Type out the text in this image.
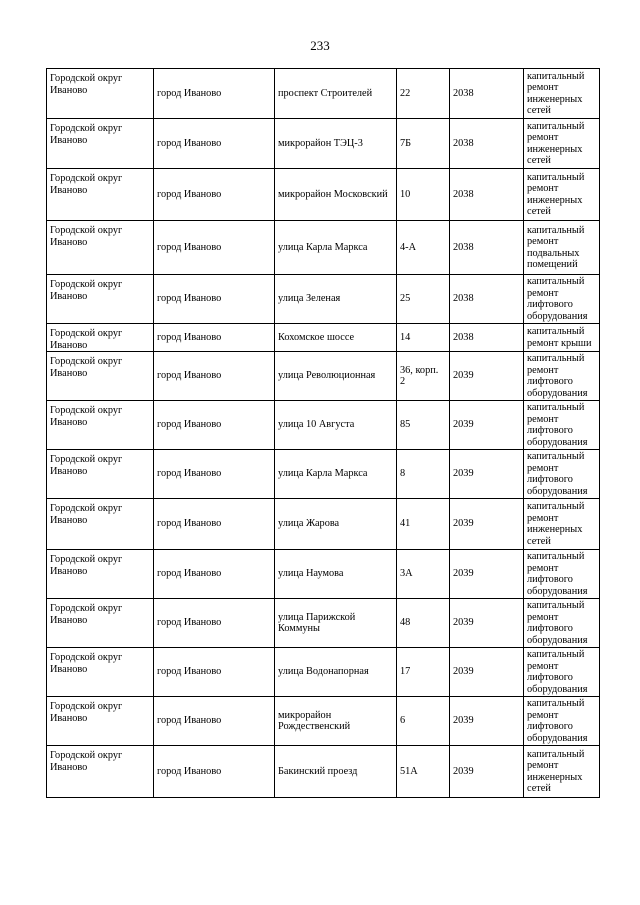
233
Городской округ Иваново	город Иваново	проспект Строителей	22	2038	капитальный ремонт инженерных сетей
Городской округ Иваново	город Иваново	микрорайон ТЭЦ-3	7Б	2038	капитальный ремонт инженерных сетей
Городской округ Иваново	город Иваново	микрорайон Московский	10	2038	капитальный ремонт инженерных сетей
Городской округ Иваново	город Иваново	улица Карла Маркса	4-А	2038	капитальный ремонт подвальных помещений
Городской округ Иваново	город Иваново	улица Зеленая	25	2038	капитальный ремонт лифтового оборудования
Городской округ Иваново	город Иваново	Кохомское шоссе	14	2038	капитальный ремонт крыши
Городской округ Иваново	город Иваново	улица Революционная	36, корп. 2	2039	капитальный ремонт лифтового оборудования
Городской округ Иваново	город Иваново	улица 10 Августа	85	2039	капитальный ремонт лифтового оборудования
Городской округ Иваново	город Иваново	улица Карла Маркса	8	2039	капитальный ремонт лифтового оборудования
Городской округ Иваново	город Иваново	улица Жарова	41	2039	капитальный ремонт инженерных сетей
Городской округ Иваново	город Иваново	улица Наумова	3А	2039	капитальный ремонт лифтового оборудования
Городской округ Иваново	город Иваново	улица Парижской Коммуны	48	2039	капитальный ремонт лифтового оборудования
Городской округ Иваново	город Иваново	улица Водонапорная	17	2039	капитальный ремонт лифтового оборудования
Городской округ Иваново	город Иваново	микрорайон Рождественский	6	2039	капитальный ремонт лифтового оборудования
Городской округ Иваново	город Иваново	Бакинский проезд	51А	2039	капитальный ремонт инженерных сетей
